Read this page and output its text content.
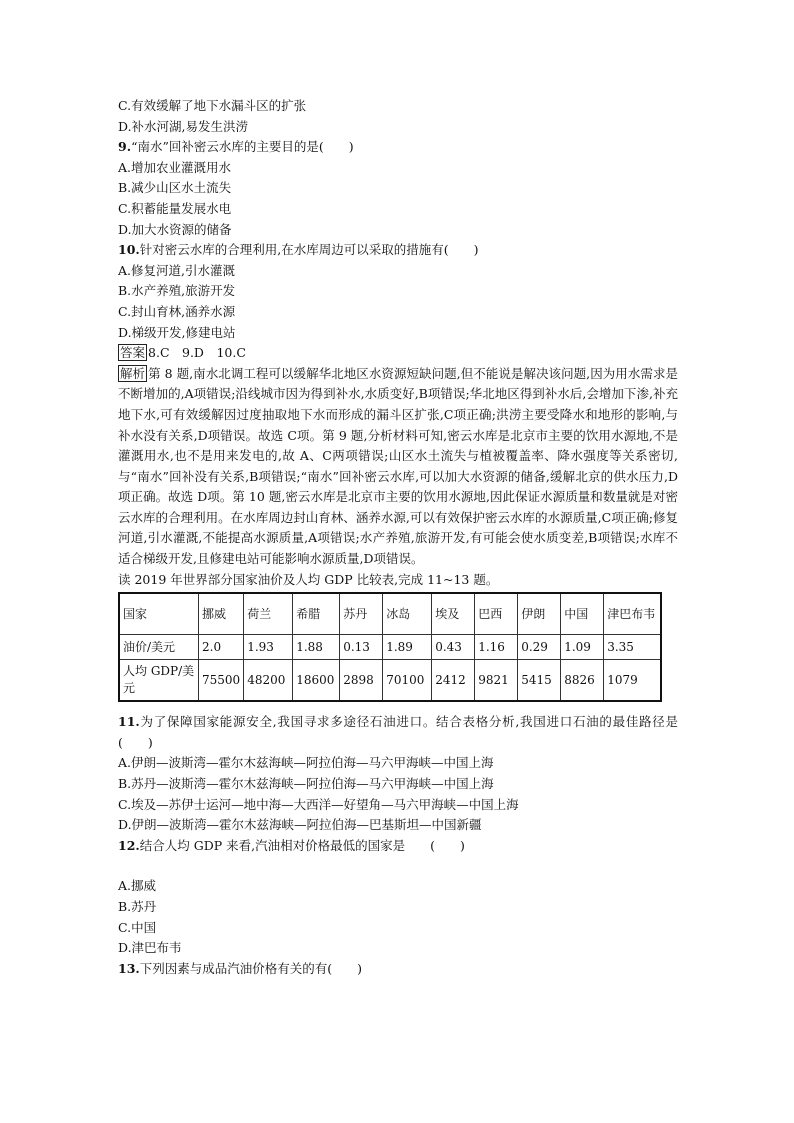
C.有效缓解了地下水漏斗区的扩张
D.补水河湖,易发生洪涝
9.“南水”回补密云水库的主要目的是(　　)
A.增加农业灌溉用水
B.减少山区水土流失
C.积蓄能量发展水电
D.加大水资源的储备
10.针对密云水库的合理利用,在水库周边可以采取的措施有(　　)
A.修复河道,引水灌溉
B.水产养殖,旅游开发
C.封山育林,涵养水源
D.梯级开发,修建电站
答案 8.C　9.D　10.C
解析 第 8 题,南水北调工程可以缓解华北地区水资源短缺问题,但不能说是解决该问题,因为用水需求是不断增加的,A项错误;沿线城市因为得到补水,水质变好,B项错误;华北地区得到补水后,会增加下渗,补充地下水,可有效缓解因过度抽取地下水而形成的漏斗区扩张,C项正确;洪涝主要受降水和地形的影响,与补水没有关系,D项错误。故选 C项。第 9 题,分析材料可知,密云水库是北京市主要的饮用水源地,不是灌溉用水,也不是用来发电的,故 A、C两项错误;山区水土流失与植被覆盖率、降水强度等关系密切,与“南水”回补没有关系,B项错误;“南水”回补密云水库,可以加大水资源的储备,缓解北京的供水压力,D项正确。故选 D项。第 10 题,密云水库是北京市主要的饮用水源地,因此保证水源质量和数量就是对密云水库的合理利用。在水库周边封山育林、涵养水源,可以有效保护密云水库的水源质量,C项正确;修复河道,引水灌溉,不能提高水源质量,A项错误;水产养殖,旅游开发,有可能会使水质变差,B项错误;水库不适合梯级开发,且修建电站可能影响水源质量,D项错误。
读 2019 年世界部分国家油价及人均 GDP 比较表,完成 11~13 题。
国家	挪威	荷兰	希腊	苏丹	冰岛	埃及	巴西	伊朗	中国	津巴布韦
油价/美元	2.0	1.93	1.88	0.13	1.89	0.43	1.16	0.29	1.09	3.35
人均 GDP/美元	75500	48200	18600	2898	70100	2412	9821	5415	8826	1079
11.为了保障国家能源安全,我国寻求多途径石油进口。结合表格分析,我国进口石油的最佳路径是(　　)
A.伊朗—波斯湾—霍尔木兹海峡—阿拉伯海—马六甲海峡—中国上海
B.苏丹—波斯湾—霍尔木兹海峡—阿拉伯海—马六甲海峡—中国上海
C.埃及—苏伊士运河—地中海—大西洋—好望角—马六甲海峡—中国上海
D.伊朗—波斯湾—霍尔木兹海峡—阿拉伯海—巴基斯坦—中国新疆
12.结合人均 GDP 来看,汽油相对价格最低的国家是　　(　　)
A.挪威
B.苏丹
C.中国
D.津巴布韦
13.下列因素与成品汽油价格有关的有(　　)
